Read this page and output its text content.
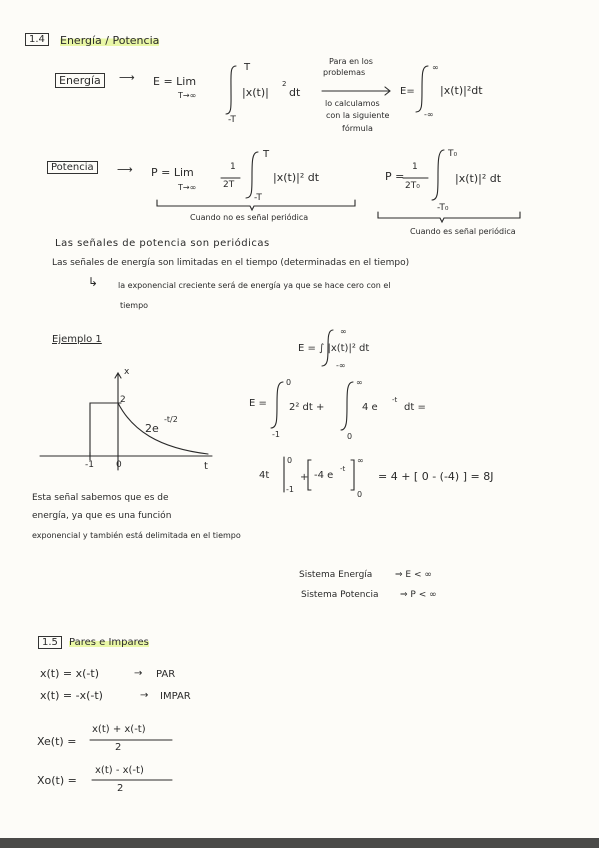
1.4	Energía / Potencia
Energía	⟶ E = Lim
T→∞
T
-T
|x(t)|
2
dt
Para en los
problemas
lo calculamos
con la siguiente
fórmula
E=
∞
-∞
|x(t)|²dt
Potencia	⟶ P = Lim
T→∞
1
2T
T
-T
|x(t)|² dt	P =
1
2T₀
T₀
-T₀
|x(t)|² dt
Cuando no es señal periódica
Cuando es señal periódica
Las señales de potencia son periódicas
Las señales de energía son limitadas en el tiempo (determinadas en el tiempo)
↳ la exponencial creciente será de energía ya que se hace cero con el
tiempo
Ejemplo 1
x
2
-1 0	t
2e
-t/2
E = ∫ |x(t)|² dt
∞
-∞
E =
0
-1
2² dt +
∞
0
4 e
-t
dt =
4t
0
-1
+ -4 e
-t
∞
0
= 4 + [ 0 - (-4) ] = 8J
Esta señal sabemos que es de
energía, ya que es una función
exponencial y también está delimitada en el tiempo
Sistema Energía	⇒ E < ∞
Sistema Potencia ⇒ P < ∞
1.5	Pares e Impares
x(t) = x(-t)	→ PAR
x(t) = -x(-t)	→ IMPAR
Xe(t) =
x(t) + x(-t)
2
Xo(t) =
x(t) - x(-t)
2
